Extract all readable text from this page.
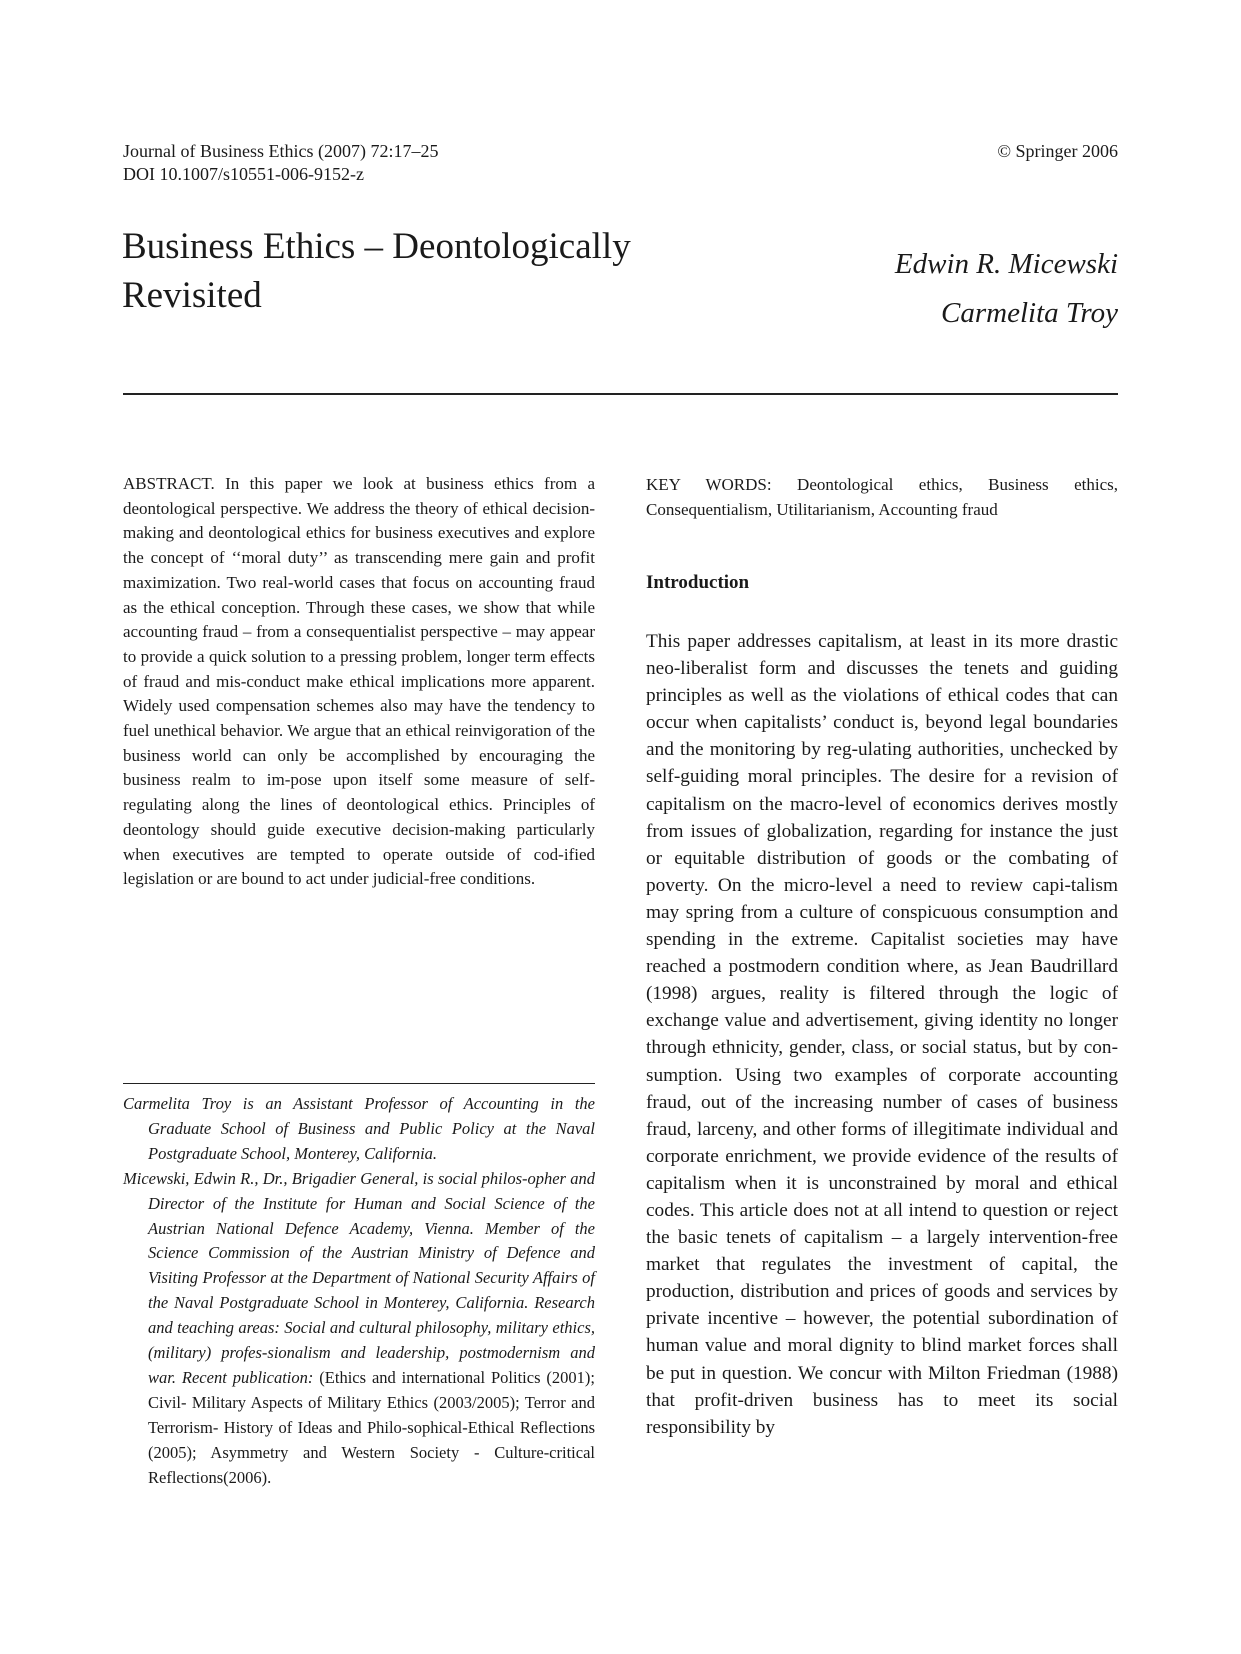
Journal of Business Ethics (2007) 72:17–25
DOI 10.1007/s10551-006-9152-z
© Springer 2006
Business Ethics – Deontologically
Revisited
Edwin R. Micewski
Carmelita Troy

ABSTRACT. In this paper we look at business ethics from a deontological perspective. We address the theory of ethical decision-making and deontological ethics for business executives and explore the concept of ‘‘moral duty’’ as transcending mere gain and profit maximization. Two real-world cases that focus on accounting fraud as the ethical conception. Through these cases, we show that while accounting fraud – from a consequentialist perspective – may appear to provide a quick solution to a pressing problem, longer term effects of fraud and mis-conduct make ethical implications more apparent. Widely used compensation schemes also may have the tendency to fuel unethical behavior. We argue that an ethical reinvigoration of the business world can only be accomplished by encouraging the business realm to im-pose upon itself some measure of self-regulating along the lines of deontological ethics. Principles of deontology should guide executive decision-making particularly when executives are tempted to operate outside of cod-ified legislation or are bound to act under judicial-free conditions.

Carmelita Troy is an Assistant Professor of Accounting in the Graduate School of Business and Public Policy at the Naval Postgraduate School, Monterey, California.

Micewski, Edwin R., Dr., Brigadier General, is social philos-opher and Director of the Institute for Human and Social Science of the Austrian National Defence Academy, Vienna. Member of the Science Commission of the Austrian Ministry of Defence and Visiting Professor at the Department of National Security Affairs of the Naval Postgraduate School in Monterey, California. Research and teaching areas: Social and cultural philosophy, military ethics, (military) profes-sionalism and leadership, postmodernism and war. Recent publication: (Ethics and international Politics (2001); Civil- Military Aspects of Military Ethics (2003/2005); Terror and Terrorism- History of Ideas and Philo-sophical-Ethical Reflections (2005); Asymmetry and Western Society - Culture-critical Reflections(2006).

KEY WORDS: Deontological ethics, Business ethics, Consequentialism, Utilitarianism, Accounting fraud

Introduction

This paper addresses capitalism, at least in its more drastic neo-liberalist form and discusses the tenets and guiding principles as well as the violations of ethical codes that can occur when capitalists’ conduct is, beyond legal boundaries and the monitoring by reg-ulating authorities, unchecked by self-guiding moral principles. The desire for a revision of capitalism on the macro-level of economics derives mostly from issues of globalization, regarding for instance the just or equitable distribution of goods or the combating of poverty. On the micro-level a need to review capi-talism may spring from a culture of conspicuous consumption and spending in the extreme. Capitalist societies may have reached a postmodern condition where, as Jean Baudrillard (1998) argues, reality is filtered through the logic of exchange value and advertisement, giving identity no longer through ethnicity, gender, class, or social status, but by con-sumption. Using two examples of corporate accounting fraud, out of the increasing number of cases of business fraud, larceny, and other forms of illegitimate individual and corporate enrichment, we provide evidence of the results of capitalism when it is unconstrained by moral and ethical codes. This article does not at all intend to question or reject the basic tenets of capitalism – a largely intervention-free market that regulates the investment of capital, the production, distribution and prices of goods and services by private incentive – however, the potential subordination of human value and moral dignity to blind market forces shall be put in question. We concur with Milton Friedman (1988) that profit-driven business has to meet its social responsibility by
